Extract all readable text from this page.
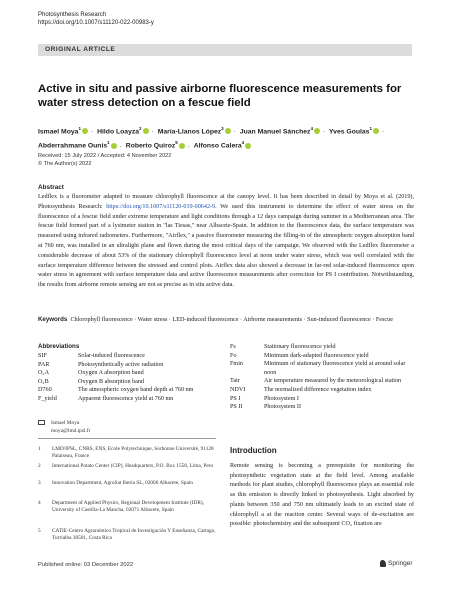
Photosynthesis Research
https://doi.org/10.1007/s11120-022-00983-y
ORIGINAL ARTICLE
Active in situ and passive airborne fluorescence measurements for water stress detection on a fescue field
Ismael Moya$^1$ · Hildo Loayza$^2$ · María-Llanos López$^3$ · Juan Manuel Sánchez$^4$ · Yves Goulas$^1$ ·
Abderrahmane Ounis$^1$ · Roberto Quiroz$^5$ · Alfonso Calera$^4$
Received: 15 July 2022 / Accepted: 4 November 2022
© The Author(s) 2022
Abstract
Ledflex is a fluorometer adapted to measure chlorophyll fluorescence at the canopy level. It has been described in detail by Moya et al. (2019), Photosynthesis Research: https://doi.org/10.1007/s11120-019-00642-9. We used this instrument to determine the effect of water stress on the fluorescence of a fescue field under extreme temperature and light conditions through a 12 days campaign during summer in a Mediterranean area. The fescue field formed part of a lysimeter station in "las Tiesas," near Albacete-Spain. In addition to the fluorescence data, the surface temperature was measured using infrared radiometers. Furthermore, "Airflex," a passive fluorometer measuring the filling-in of the atmospheric oxygen absorption band at 760 nm, was installed in an ultralight plane and flown during the most critical days of the campaign. We observed with the Ledflex fluorometer a considerable decrease of about 53% of the stationary chlorophyll fluorescence level at noon under water stress, which was well correlated with the surface temperature difference between the stressed and control plots. Airflex data also showed a decrease in far-red solar-induced fluorescence upon water stress in agreement with surface temperature data and active fluorescence measurements after correction for PS I contribution. Notwithstanding, the results from airborne remote sensing are not as precise as in situ active data.
Keywords Chlorophyll fluorescence · Water stress · LED-induced fluorescence · Airborne measurements · Sun-induced fluorescence · Fescue
Abbreviations
SIF	Solar-induced fluorescence
PAR	Photosynthetically active radiation
O₂A	Oxygen A absorption band
O₂B	Oxygen B absorption band
D760	The atmospheric oxygen band depth at 760 nm
F_yield	Apparent fluorescence yield at 760 nm
Fs	Stationary fluorescence yield
Fo	Minimum dark-adapted fluorescence yield
Fmin	Minimum of stationary fluorescence yield at around solar noon
Tair	Air temperature measured by the meteorological station
NDVI	The normalized difference vegetation index
PS I	Photosystem I
PS II	Photosystem II
Ismael Moya
moya@lmd.ipsl.fr
1 LMD/IPSL, CNRS, ENS, Ecole Polytechnique, Sorbonne Université, 91128 Palaiseau, France
2 International Potato Center (CIP), Headquarters, P.O. Box 1558, Lima, Peru
3 Innovation Department, AgroSat Iberia SL, 02006 Albacete, Spain
4 Department of Applied Physics, Regional Development Institute (IDR), University of Castilla-La Mancha, 02071 Albacete, Spain
5 CATIE-Centro Agronómico Tropical de Investigación Y Enseñanza, Cartago, Turrialba 30501, Costa Rica
Introduction
Remote sensing is becoming a prerequisite for monitoring the photosynthetic vegetation state at the field level. Among available methods for plant studies, chlorophyll fluorescence plays an essential role as this emission is directly linked to photosynthesis. Light absorbed by plants between 350 and 750 nm ultimately leads to an excited state of chlorophyll a at the reaction center. Several ways of de-excitation are possible: photochemistry and the subsequent CO₂ fixation are
Published online: 03 December 2022	Springer
